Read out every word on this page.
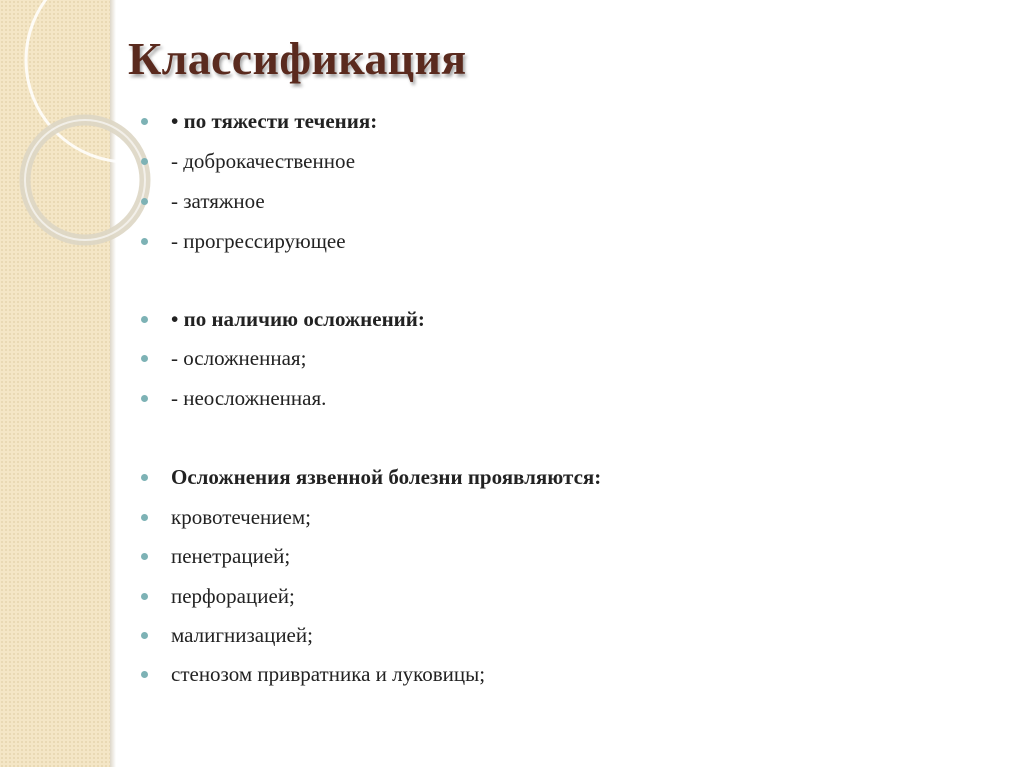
Классификация
• по тяжести течения:
- доброкачественное
- затяжное
- прогрессирующее
• по наличию осложнений:
- осложненная;
- неосложненная.
Осложнения язвенной болезни проявляются:
кровотечением;
пенетрацией;
перфорацией;
малигнизацией;
стенозом привратника и луковицы;
